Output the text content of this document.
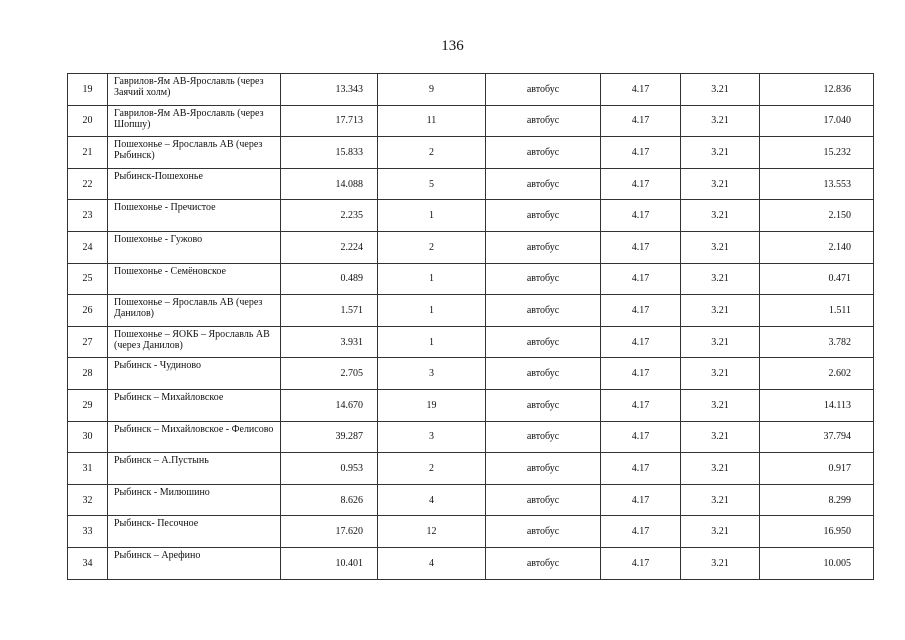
136
19	Гаврилов-Ям АВ-Ярославль (через Заячий холм)	13.343	9	автобус	4.17	3.21	12.836
20	Гаврилов-Ям АВ-Ярославль (через Шопшу)	17.713	11	автобус	4.17	3.21	17.040
21	Пошехонье – Ярославль АВ (через Рыбинск)	15.833	2	автобус	4.17	3.21	15.232
22	Рыбинск-Пошехонье	14.088	5	автобус	4.17	3.21	13.553
23	Пошехонье - Пречистое	2.235	1	автобус	4.17	3.21	2.150
24	Пошехонье - Гужово	2.224	2	автобус	4.17	3.21	2.140
25	Пошехонье - Семёновское	0.489	1	автобус	4.17	3.21	0.471
26	Пошехонье – Ярославль АВ (через Данилов)	1.571	1	автобус	4.17	3.21	1.511
27	Пошехонье – ЯОКБ – Ярославль АВ (через Данилов)	3.931	1	автобус	4.17	3.21	3.782
28	Рыбинск - Чудиново	2.705	3	автобус	4.17	3.21	2.602
29	Рыбинск – Михайловское	14.670	19	автобус	4.17	3.21	14.113
30	Рыбинск – Михайловское - Фелисово	39.287	3	автобус	4.17	3.21	37.794
31	Рыбинск – А.Пустынь	0.953	2	автобус	4.17	3.21	0.917
32	Рыбинск - Милюшино	8.626	4	автобус	4.17	3.21	8.299
33	Рыбинск- Песочное	17.620	12	автобус	4.17	3.21	16.950
34	Рыбинск – Арефино	10.401	4	автобус	4.17	3.21	10.005
